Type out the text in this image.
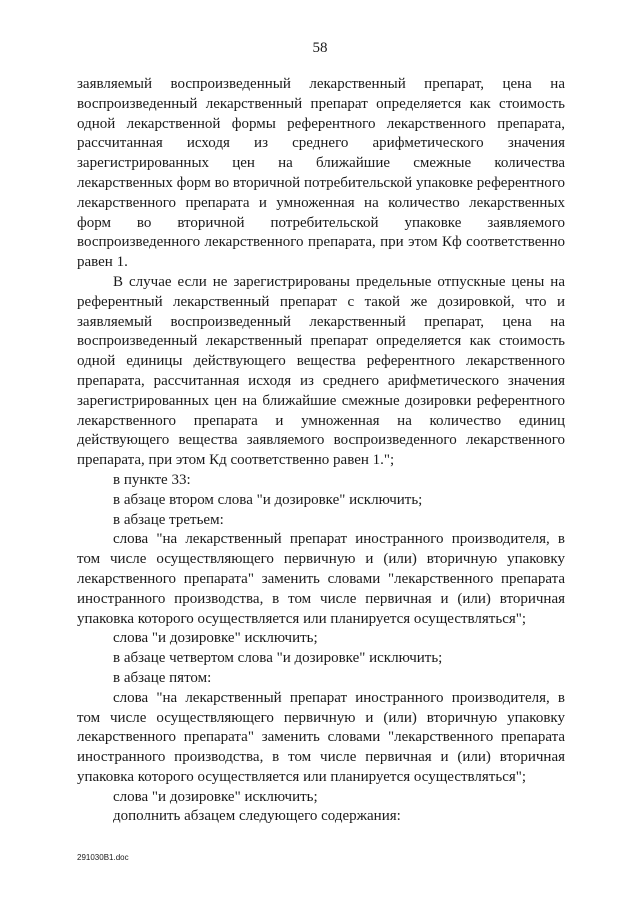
58

заявляемый воспроизведенный лекарственный препарат, цена на воспроизведенный лекарственный препарат определяется как стоимость одной лекарственной формы референтного лекарственного препарата, рассчитанная исходя из среднего арифметического значения зарегистрированных цен на ближайшие смежные количества лекарственных форм во вторичной потребительской упаковке референтного лекарственного препарата и умноженная на количество лекарственных форм во вторичной потребительской упаковке заявляемого воспроизведенного лекарственного препарата, при этом Кф соответственно равен 1.

В случае если не зарегистрированы предельные отпускные цены на референтный лекарственный препарат с такой же дозировкой, что и заявляемый воспроизведенный лекарственный препарат, цена на воспроизведенный лекарственный препарат определяется как стоимость одной единицы действующего вещества референтного лекарственного препарата, рассчитанная исходя из среднего арифметического значения зарегистрированных цен на ближайшие смежные дозировки референтного лекарственного препарата и умноженная на количество единиц действующего вещества заявляемого воспроизведенного лекарственного препарата, при этом Кд соответственно равен 1.";

в пункте 33:

в абзаце втором слова "и дозировке" исключить;

в абзаце третьем:

слова "на лекарственный препарат иностранного производителя, в том числе осуществляющего первичную и (или) вторичную упаковку лекарственного препарата" заменить словами "лекарственного препарата иностранного производства, в том числе первичная и (или) вторичная упаковка которого осуществляется или планируется осуществляться";

слова "и дозировке" исключить;

в абзаце четвертом слова "и дозировке" исключить;

в абзаце пятом:

слова "на лекарственный препарат иностранного производителя, в том числе осуществляющего первичную и (или) вторичную упаковку лекарственного препарата" заменить словами "лекарственного препарата иностранного производства, в том числе первичная и (или) вторичная упаковка которого осуществляется или планируется осуществляться";

слова "и дозировке" исключить;

дополнить абзацем следующего содержания:

291030B1.doc
